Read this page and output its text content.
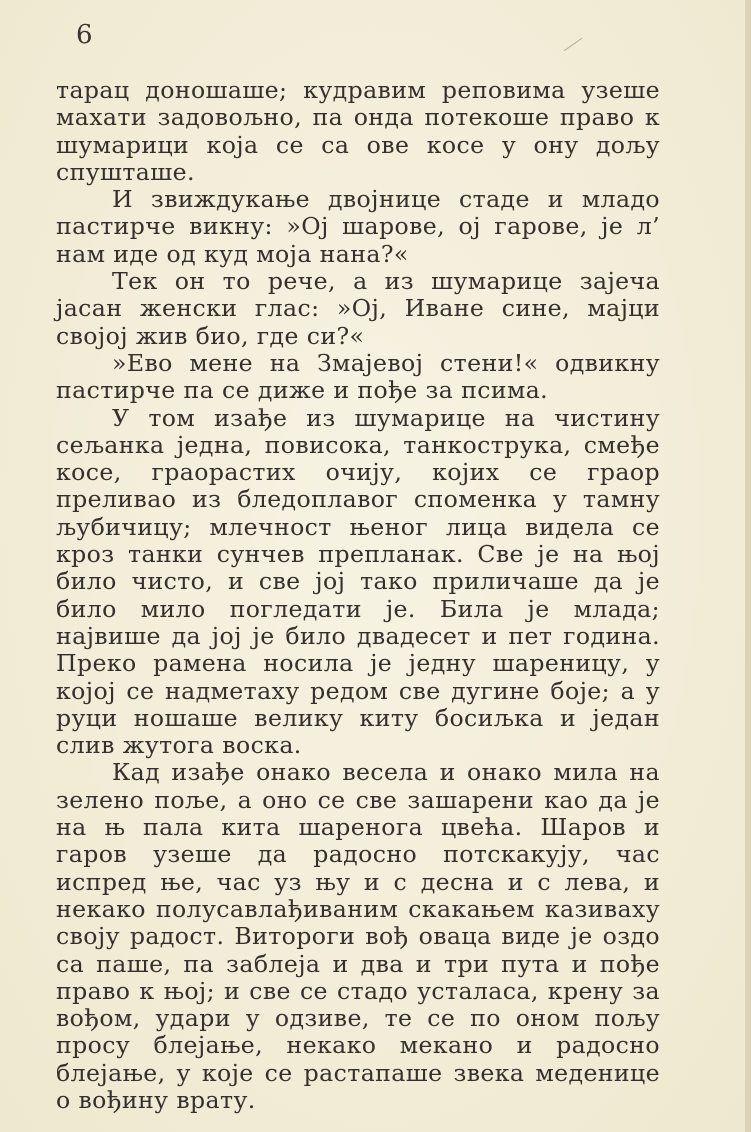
6

тарац доношаше; кудравим реповима узеше махати задовољно, па онда потекоше право к шумарици која се са ове косе у ону дољу спушташе.

И звиждукање двојнице стаде и младо пастирче викну: »Ој шарове, ој гарове, је л’ нам иде од куд моја нана?«

Тек он то рече, а из шумарице зајеча јасан женски глас: »Ој, Иване сине, мајци својој жив био, где си?«

»Ево мене на Змајевој стени!« одвикну пастирче па се диже и пође за псима.

У том изађе из шумарице на чистину сељанка једна, повисока, танкострука, смеђе косе, граорастих очију, којих се граор преливао из бледоплавог споменка у тамну љубичицу; млечност њеног лица видела се кроз танки сунчев препланак. Све је на њој било чисто, и све јој тако приличаше да је било мило погледати је. Била је млада; највише да јој је било двадесет и пет година. Преко рамена носила је једну шареницу, у којој се надметаху редом све дугине боје; а у руци ношаше велику киту босиљка и један слив жутога воска.

Кад изађе онако весела и онако мила на зелено поље, а оно се све зашарени као да је на њ пала кита шаренога цвећа. Шаров и гаров узеше да радосно потскакују, час испред ње, час уз њу и с десна и с лева, и некако полусавлађиваним скакањем казиваху своју радост. Витороги вођ оваца виде је оздо са паше, па заблеја и два и три пута и пође право к њој; и све се стадо усталаса, крену за вођом, удари у одзиве, те се по оном пољу просу блејање, некако мекано и радосно блејање, у које се растапаше звека меденице о вођину врату.
